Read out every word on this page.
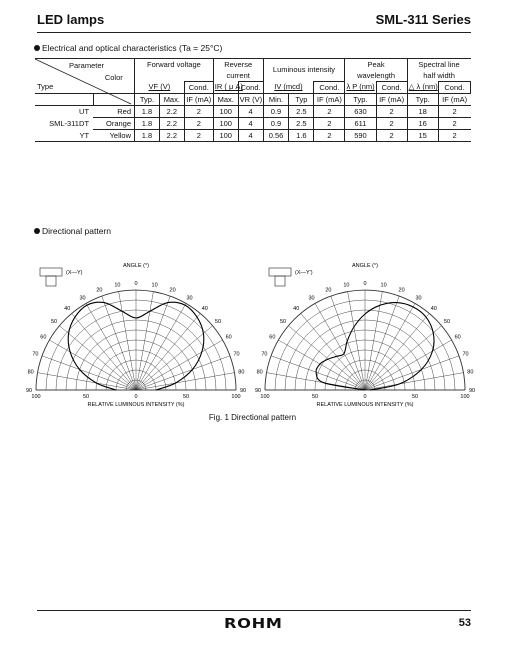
LED lamps	SML-311 Series
Electrical and optical characteristics (Ta = 25°C)
Parameter
Type		Forward voltage			Reverse		Luminous intensity			Peak		Spectral line	
					current					wavelength		half width	
		VF (V)		Cond.	IR ( μ A)	Cond.	IV (mcd)		Cond.	λ P (nm)	Cond.	△ λ (nm)	Cond.
	Color	Typ.	Max.	IF (mA)	Max.	VR (V)	Min.	Typ	IF (mA)	Typ.	IF (mA)	Typ.	IF (mA)
SML-311	UT Red	1.8	2.2	2	100	4	0.9	2.5	2	630	2	18	2

	DT Orange	1.8	2.2	2	100	4	0.9	2.5	2	611	2	16	2

	YT Yellow	1.8	2.2	2	100	4	0.56	1.6	2	590	2	15	2
Directional pattern
(X—Y)
ANGLE (°)
0
10	10
20	20
30	30
40	40
50	50
60	60
70	70
80	80
90	90
100	50	0	50	100
RELATIVE LUMINOUS INTENSITY (%)
(X—Y')
ANGLE (°)
0
10	10
20	20
30	30
40	40
50	50
60	60
70	70
80	80
90	90
100	50	0	50	100
RELATIVE LUMINOUS INTENSITY (%)
Fig. 1 Directional pattern
ROHM	53
